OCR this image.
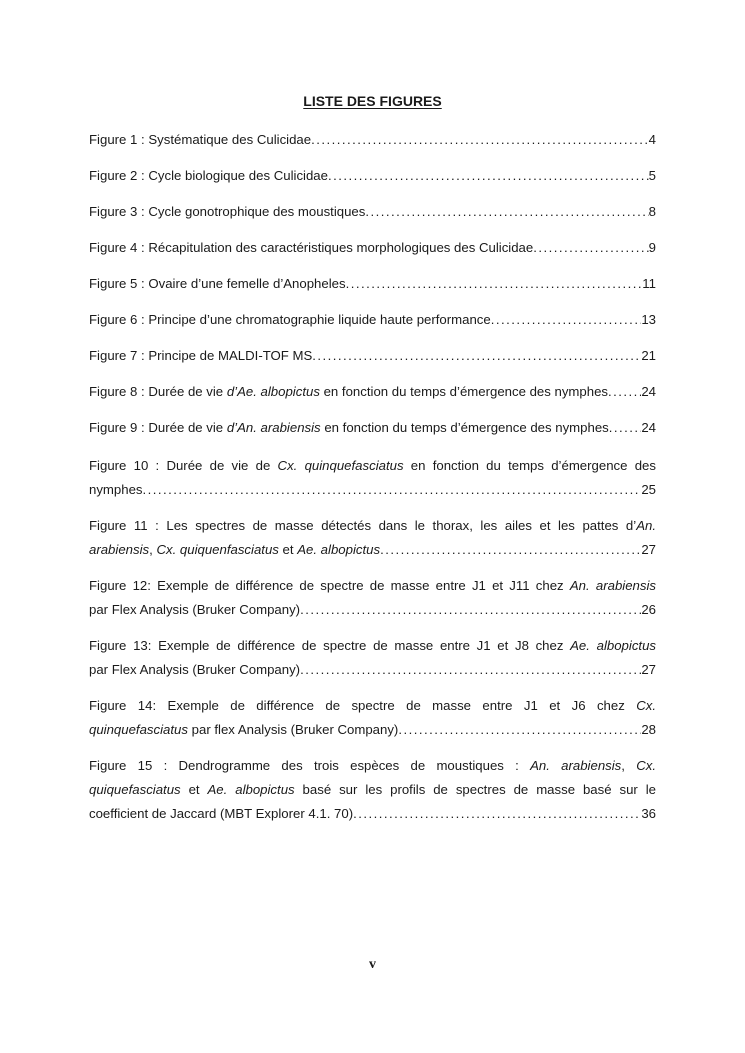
LISTE DES FIGURES
Figure 1 : Systématique des Culicidae . . .	4
Figure 2 : Cycle biologique des Culicidae . . .	5
Figure 3 : Cycle gonotrophique des moustiques . . .	8
Figure 4 : Récapitulation des caractéristiques morphologiques des Culicidae . . .	9
Figure 5 : Ovaire d’une femelle d’Anopheles . . .	11
Figure 6 : Principe d’une chromatographie liquide haute performance . . .	13
Figure 7 : Principe de MALDI-TOF MS . . .	21
Figure 8 : Durée de vie d’Ae. albopictus en fonction du temps d’émergence des nymphes . . .	24
Figure 9 : Durée de vie d’An. arabiensis en fonction du temps d’émergence des nymphes . . . 24
Figure 10 : Durée de vie de Cx. quinquefasciatus en fonction du temps d’émergence des
nymphes . . .	25
Figure 11 : Les spectres de masse détectés dans le thorax, les ailes et les pattes d’An.
arabiensis, Cx. quiquenfasciatus et Ae. albopictus . . .	27
Figure 12: Exemple de différence de spectre de masse entre J1 et J11 chez An. arabiensis
par Flex Analysis (Bruker Company) . . .	26
Figure 13: Exemple de différence de spectre de masse entre J1 et J8 chez Ae. albopictus
par Flex Analysis (Bruker Company) . . .	27
Figure 14: Exemple de différence de spectre de masse entre J1 et J6 chez Cx.
quinquefasciatus par flex Analysis (Bruker Company) . . .	28
Figure 15 : Dendrogramme des trois espèces de moustiques : An. arabiensis, Cx.
quiquefasciatus et Ae. albopictus basé sur les profils de spectres de masse basé sur le
coefficient de Jaccard (MBT Explorer 4.1. 70) . . .	36
v
